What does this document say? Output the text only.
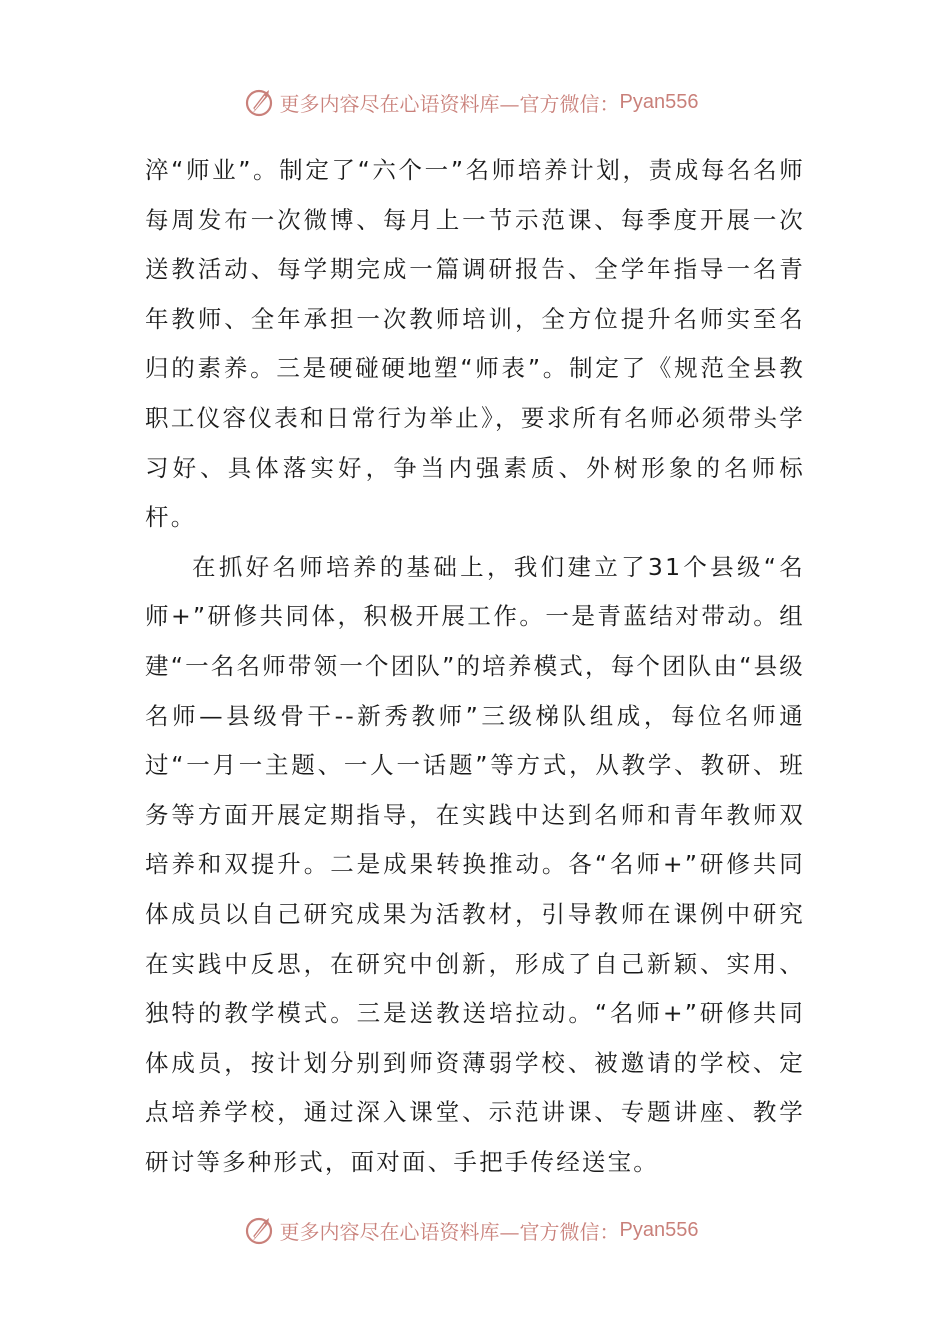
更多内容尽在心语资料库—官方微信： Pyan556

淬“师业”。制定了“六个一”名师培养计划，责成每名名师每周发布一次微博、每月上一节示范课、每季度开展一次送教活动、每学期完成一篇调研报告、全学年指导一名青年教师、全年承担一次教师培训，全方位提升名师实至名归的素养。三是硬碰硬地塑“师表”。制定了《规范全县教职工仪容仪表和日常行为举止》，要求所有名师必须带头学习好、具体落实好，争当内强素质、外树形象的名师标杆。

在抓好名师培养的基础上，我们建立了31个县级“名师+”研修共同体，积极开展工作。一是青蓝结对带动。组建“一名名师带领一个团队”的培养模式，每个团队由“县级名师—县级骨干--新秀教师”三级梯队组成，每位名师通过“一月一主题、一人一话题”等方式，从教学、教研、班务等方面开展定期指导，在实践中达到名师和青年教师双培养和双提升。二是成果转换推动。各“名师+”研修共同体成员以自己研究成果为活教材，引导教师在课例中研究在实践中反思，在研究中创新，形成了自己新颖、实用、独特的教学模式。三是送教送培拉动。“名师+”研修共同体成员，按计划分别到师资薄弱学校、被邀请的学校、定点培养学校，通过深入课堂、示范讲课、专题讲座、教学研讨等多种形式，面对面、手把手传经送宝。

更多内容尽在心语资料库—官方微信： Pyan556
